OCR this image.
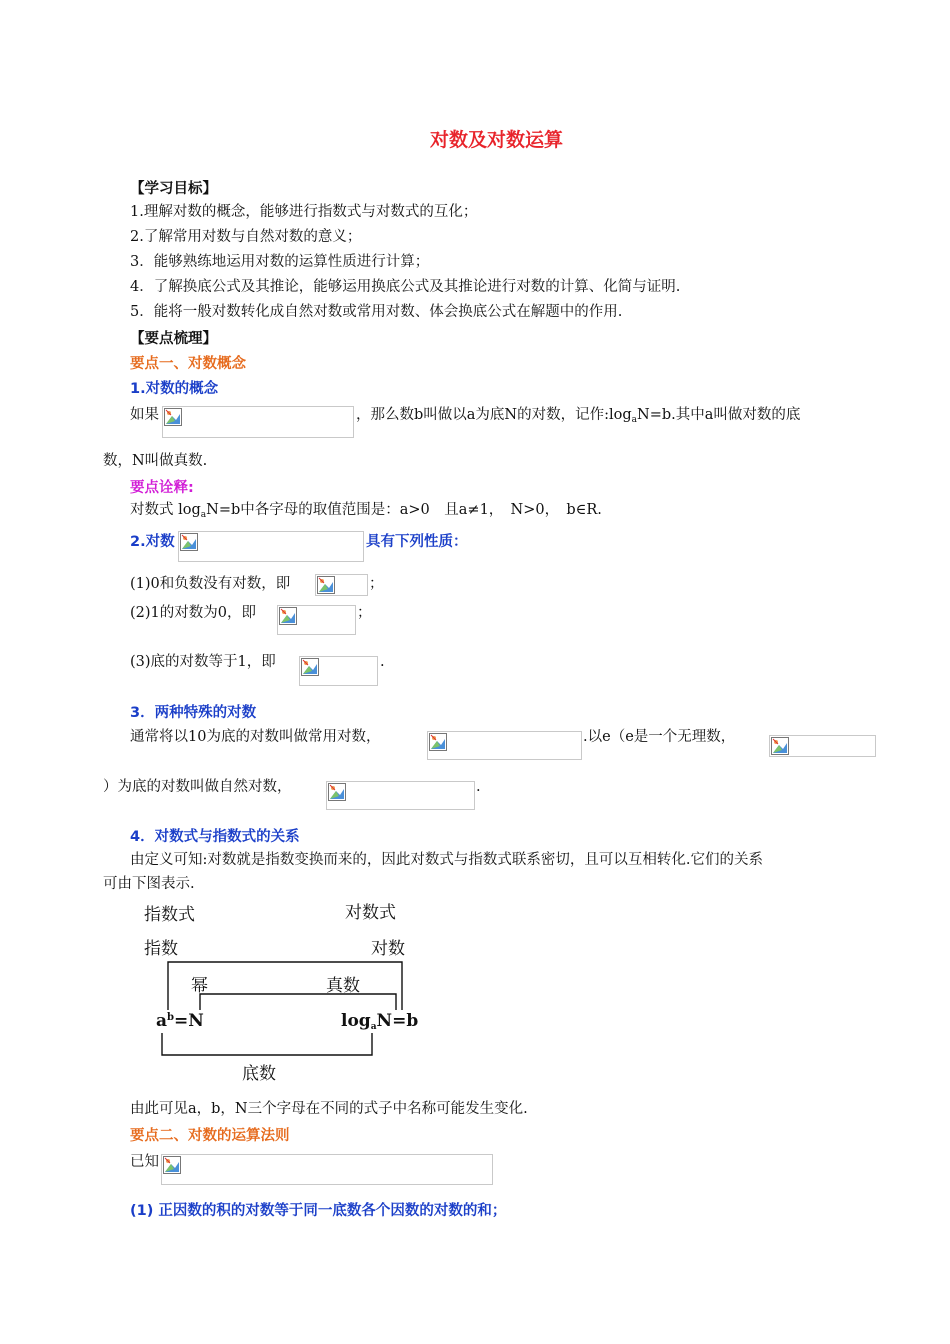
对数及对数运算
【学习目标】
1.理解对数的概念，能够进行指数式与对数式的互化；
2.了解常用对数与自然对数的意义；
3．能够熟练地运用对数的运算性质进行计算；
4．了解换底公式及其推论，能够运用换底公式及其推论进行对数的计算、化简与证明.
5．能将一般对数转化成自然对数或常用对数、体会换底公式在解题中的作用.
【要点梳理】
要点一、对数概念
1.对数的概念
如果	，那么数b叫做以a为底N的对数，记作$:\log_aN=b$.其中a叫做对数的底
数，N叫做真数.
要点诠释:
对数式 $\log_aN=b$中各字母的取值范围是：a>0　且a≠1，　N>0，　b∈R.
2.对数	具有下列性质：
(1)0和负数没有对数，即	；
(2)1的对数为0，即	；
(3)底的对数等于1，即	.
3．两种特殊的对数
通常将以10为底的对数叫做常用对数，	.以e（e是一个无理数，
）为底的对数叫做自然对数，	.
4．对数式与指数式的关系
由定义可知:对数就是指数变换而来的，因此对数式与指数式联系密切，且可以互相转化.它们的关系
可由下图表示.
指数式	对数式
指数	对数
幂	真数
$a^b=N$	$\log_aN=b$
底数
由此可见a，b，N三个字母在不同的式子中名称可能发生变化.
要点二、对数的运算法则
已知
(1) 正因数的积的对数等于同一底数各个因数的对数的和；
